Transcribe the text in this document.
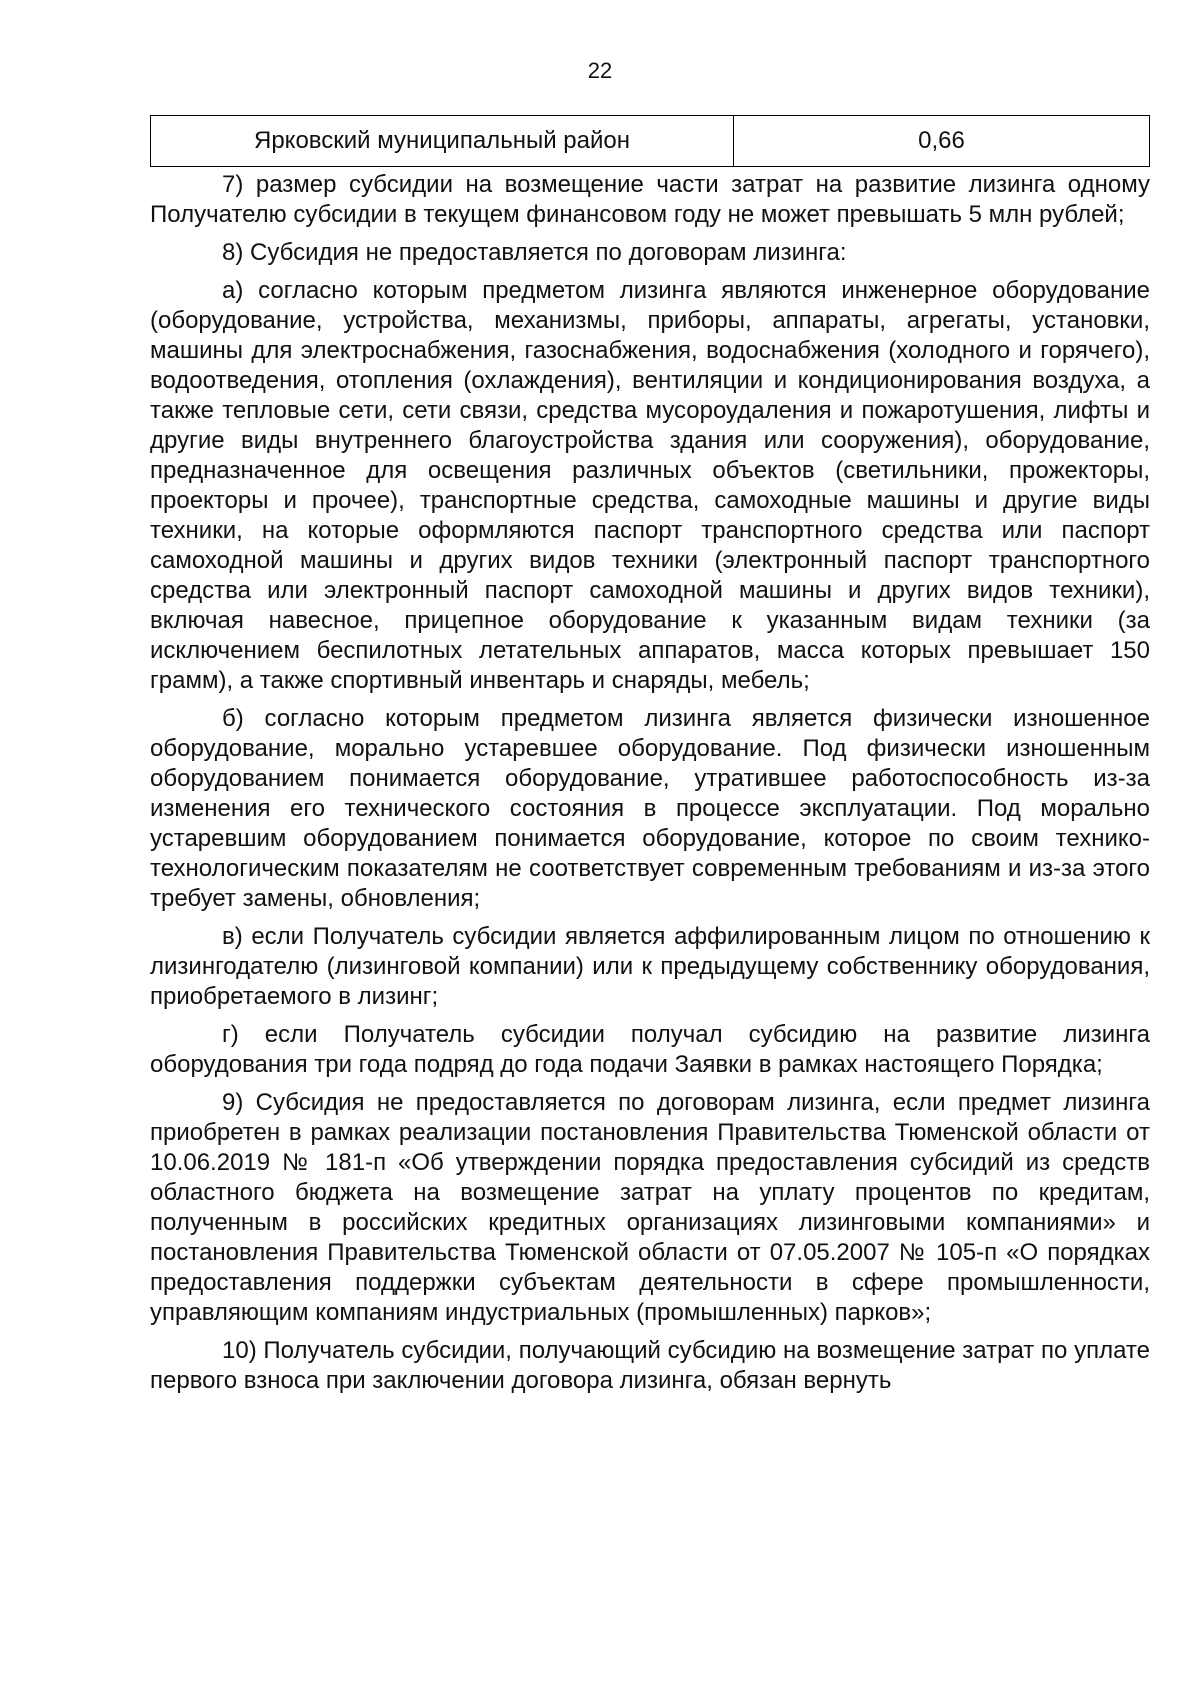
22
Ярковский муниципальный район	0,66

7) размер субсидии на возмещение части затрат на развитие лизинга одному Получателю субсидии в текущем финансовом году не может превышать 5 млн рублей;

8) Субсидия не предоставляется по договорам лизинга:

а) согласно которым предметом лизинга являются инженерное оборудование (оборудование, устройства, механизмы, приборы, аппараты, агрегаты, установки, машины для электроснабжения, газоснабжения, водоснабжения (холодного и горячего), водоотведения, отопления (охлаждения), вентиляции и кондиционирования воздуха, а также тепловые сети, сети связи, средства мусороудаления и пожаротушения, лифты и другие виды внутреннего благоустройства здания или сооружения), оборудование, предназначенное для освещения различных объектов (светильники, прожекторы, проекторы и прочее), транспортные средства, самоходные машины и другие виды техники, на которые оформляются паспорт транспортного средства или паспорт самоходной машины и других видов техники (электронный паспорт транспортного средства или электронный паспорт самоходной машины и других видов техники), включая навесное, прицепное оборудование к указанным видам техники (за исключением беспилотных летательных аппаратов, масса которых превышает 150 грамм), а также спортивный инвентарь и снаряды, мебель;

б) согласно которым предметом лизинга является физически изношенное оборудование, морально устаревшее оборудование. Под физически изношенным оборудованием понимается оборудование, утратившее работоспособность из-за изменения его технического состояния в процессе эксплуатации. Под морально устаревшим оборудованием понимается оборудование, которое по своим технико-технологическим показателям не соответствует современным требованиям и из-за этого требует замены, обновления;

в) если Получатель субсидии является аффилированным лицом по отношению к лизингодателю (лизинговой компании) или к предыдущему собственнику оборудования, приобретаемого в лизинг;

г) если Получатель субсидии получал субсидию на развитие лизинга оборудования три года подряд до года подачи Заявки в рамках настоящего Порядка;

9) Субсидия не предоставляется по договорам лизинга, если предмет лизинга приобретен в рамках реализации постановления Правительства Тюменской области от 10.06.2019 № 181-п «Об утверждении порядка предоставления субсидий из средств областного бюджета на возмещение затрат на уплату процентов по кредитам, полученным в российских кредитных организациях лизинговыми компаниями» и постановления Правительства Тюменской области от 07.05.2007 № 105-п «О порядках предоставления поддержки субъектам деятельности в сфере промышленности, управляющим компаниям индустриальных (промышленных) парков»;

10) Получатель субсидии, получающий субсидию на возмещение затрат по уплате первого взноса при заключении договора лизинга, обязан вернуть
